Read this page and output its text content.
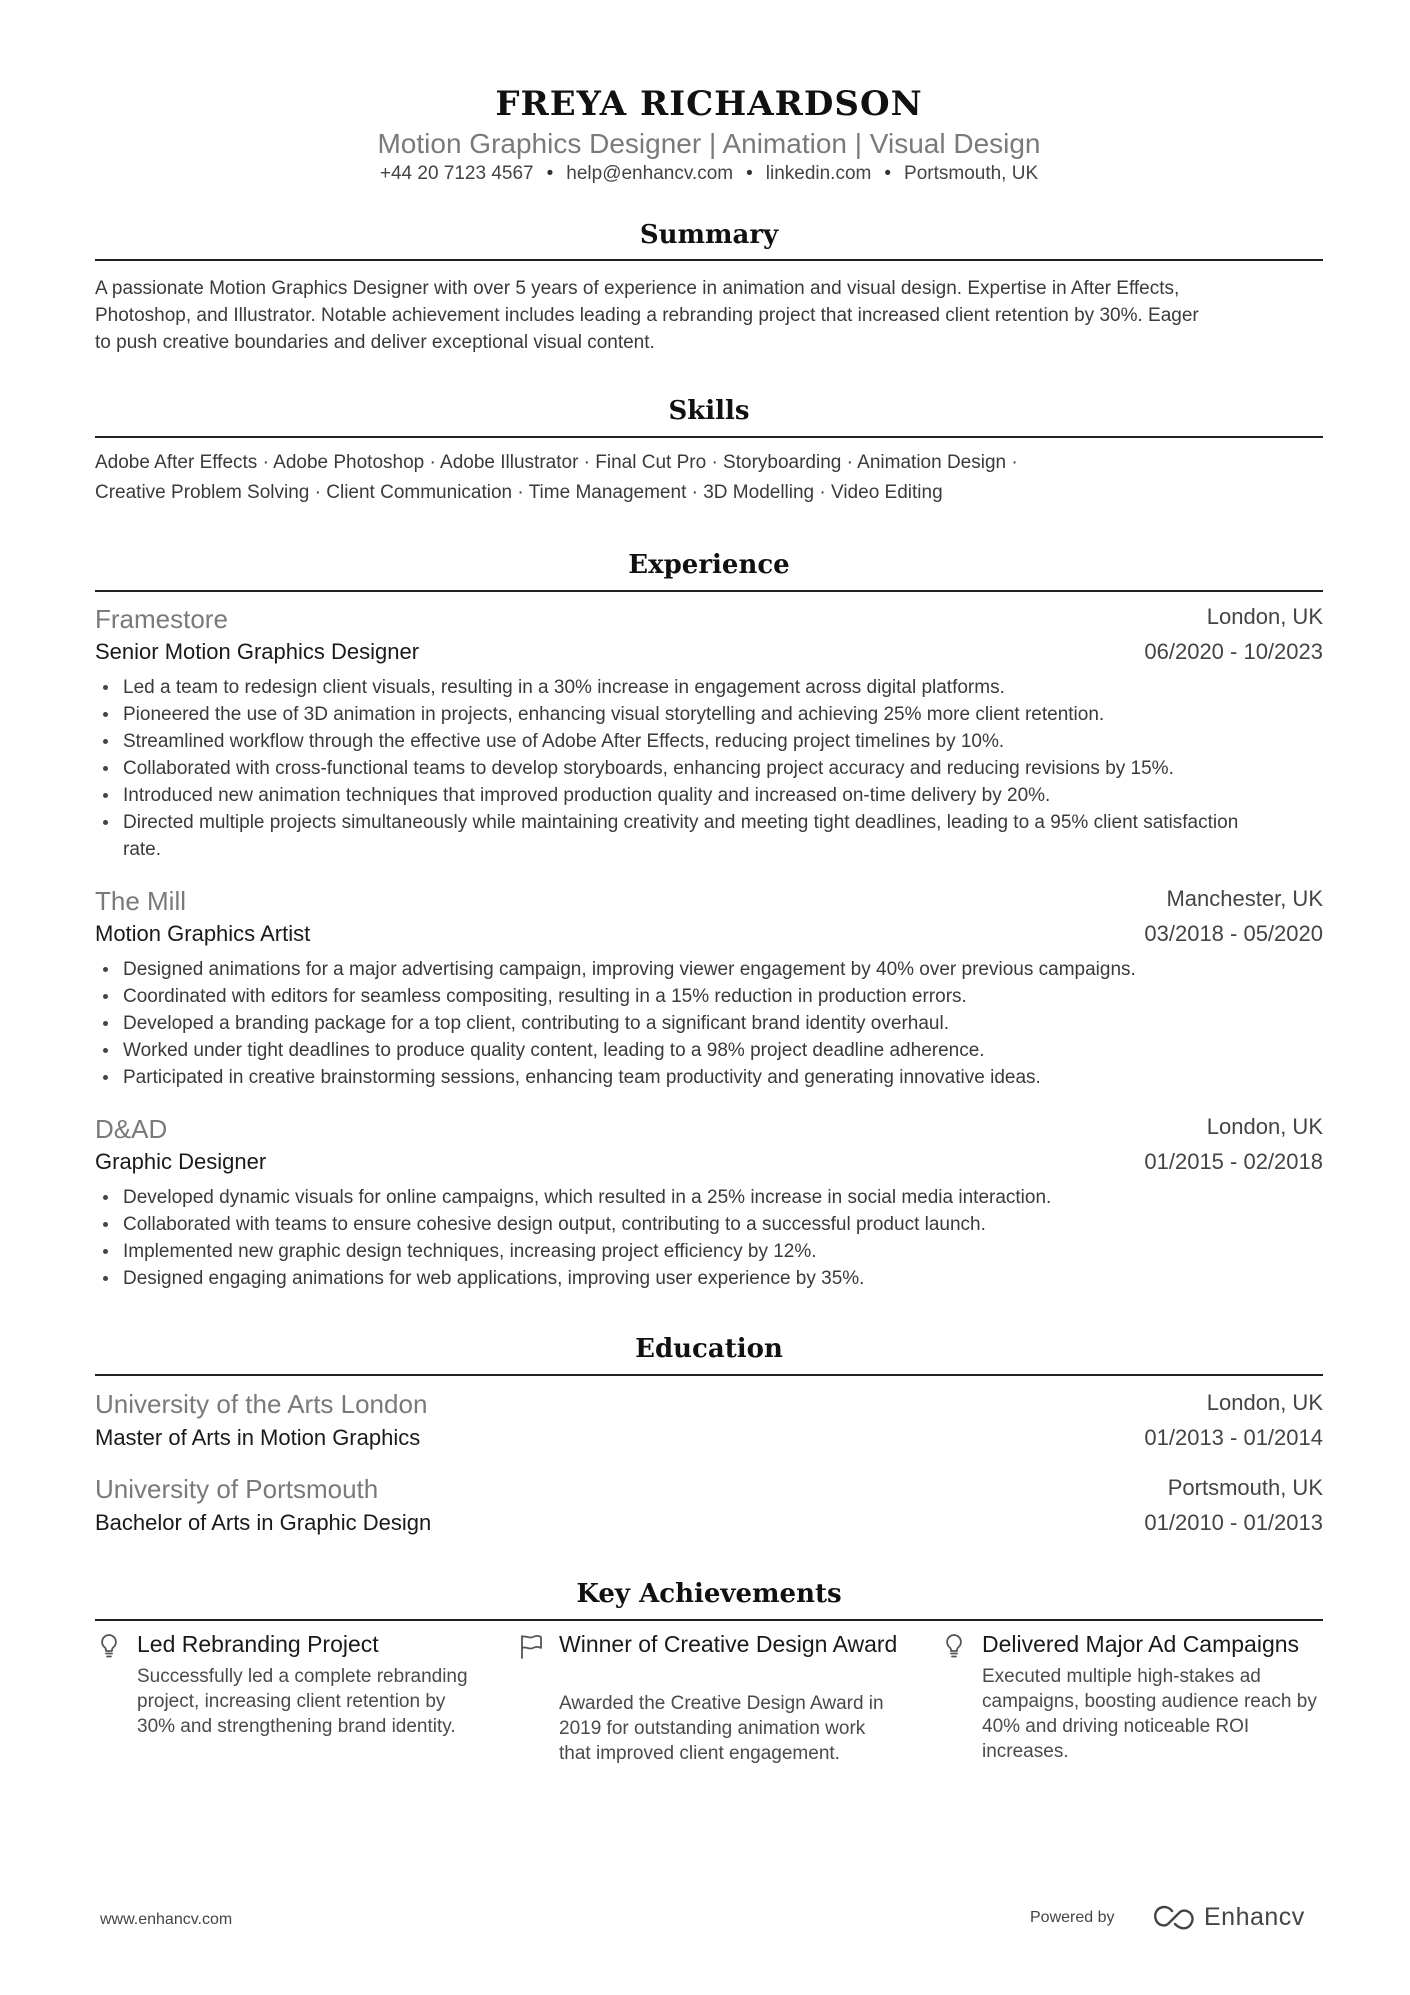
FREYA RICHARDSON
Motion Graphics Designer | Animation | Visual Design
+44 20 7123 4567 • help@enhancv.com • linkedin.com • Portsmouth, UK
Summary
A passionate Motion Graphics Designer with over 5 years of experience in animation and visual design. Expertise in After Effects,
Photoshop, and Illustrator. Notable achievement includes leading a rebranding project that increased client retention by 30%. Eager
to push creative boundaries and deliver exceptional visual content.
Skills
Adobe After Effects · Adobe Photoshop · Adobe Illustrator · Final Cut Pro · Storyboarding · Animation Design ·
Creative Problem Solving · Client Communication · Time Management · 3D Modelling · Video Editing
Experience
Framestore	London, UK
Senior Motion Graphics Designer	06/2020 - 10/2023
Led a team to redesign client visuals, resulting in a 30% increase in engagement across digital platforms.
Pioneered the use of 3D animation in projects, enhancing visual storytelling and achieving 25% more client retention.
Streamlined workflow through the effective use of Adobe After Effects, reducing project timelines by 10%.
Collaborated with cross-functional teams to develop storyboards, enhancing project accuracy and reducing revisions by 15%.
Introduced new animation techniques that improved production quality and increased on-time delivery by 20%.
Directed multiple projects simultaneously while maintaining creativity and meeting tight deadlines, leading to a 95% client satisfaction rate.
The Mill	Manchester, UK
Motion Graphics Artist	03/2018 - 05/2020
Designed animations for a major advertising campaign, improving viewer engagement by 40% over previous campaigns.
Coordinated with editors for seamless compositing, resulting in a 15% reduction in production errors.
Developed a branding package for a top client, contributing to a significant brand identity overhaul.
Worked under tight deadlines to produce quality content, leading to a 98% project deadline adherence.
Participated in creative brainstorming sessions, enhancing team productivity and generating innovative ideas.
D&AD	London, UK
Graphic Designer	01/2015 - 02/2018
Developed dynamic visuals for online campaigns, which resulted in a 25% increase in social media interaction.
Collaborated with teams to ensure cohesive design output, contributing to a successful product launch.
Implemented new graphic design techniques, increasing project efficiency by 12%.
Designed engaging animations for web applications, improving user experience by 35%.
Education
University of the Arts London	London, UK
Master of Arts in Motion Graphics	01/2013 - 01/2014
University of Portsmouth	Portsmouth, UK
Bachelor of Arts in Graphic Design	01/2010 - 01/2013
Key Achievements
Led Rebranding Project
Successfully led a complete rebranding project, increasing client retention by 30% and strengthening brand identity.
Winner of Creative Design Award
Awarded the Creative Design Award in 2019 for outstanding animation work that improved client engagement.
Delivered Major Ad Campaigns
Executed multiple high-stakes ad campaigns, boosting audience reach by 40% and driving noticeable ROI increases.
www.enhancv.com	Powered by	Enhancv
